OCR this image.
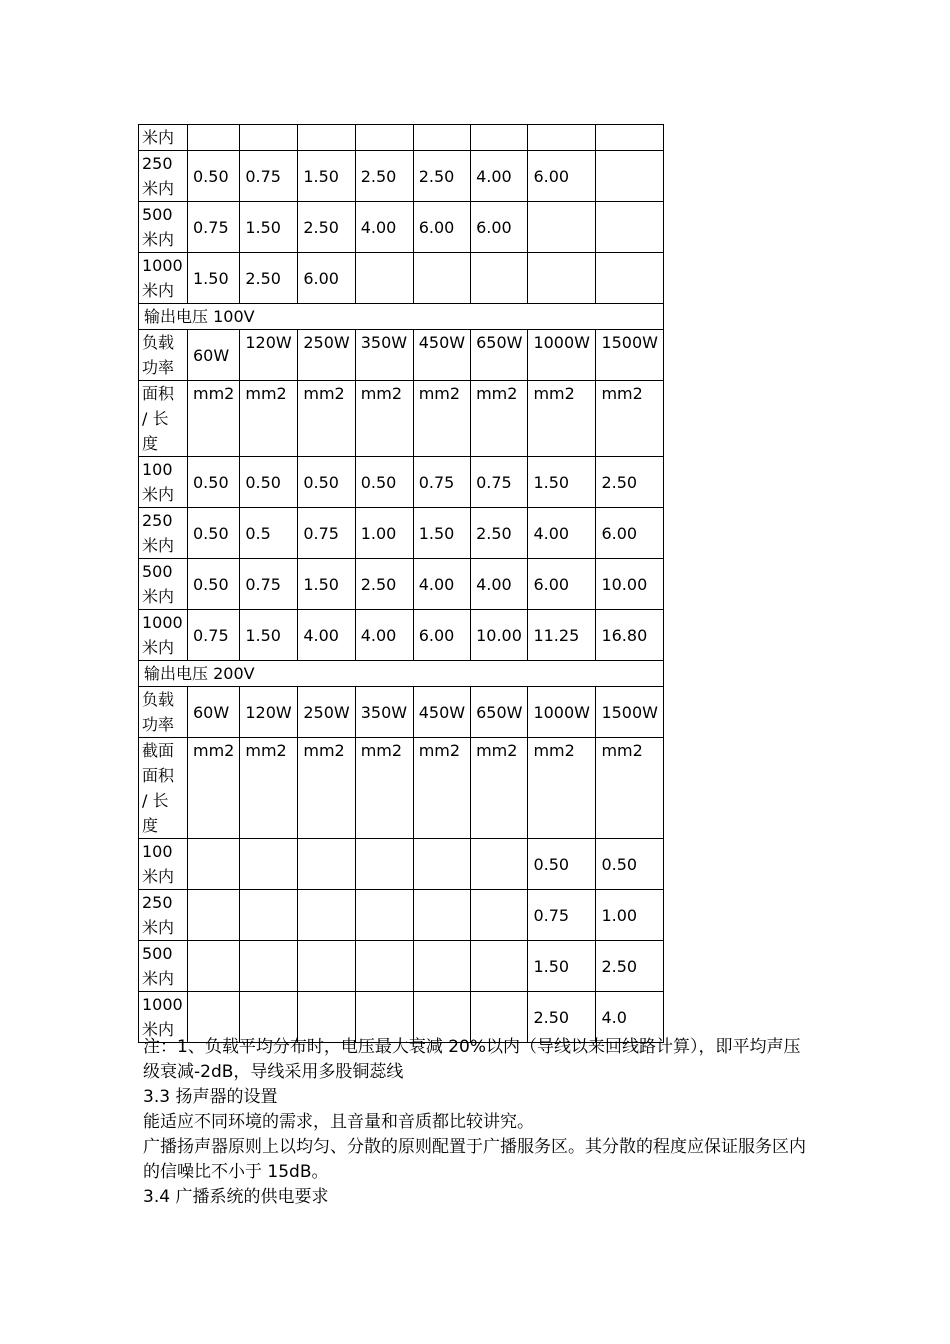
米内								
250 米内	0.50	0.75	1.50	2.50	2.50	4.00	6.00	
500 米内	0.75	1.50	2.50	4.00	6.00	6.00		
1000 米内	1.50	2.50	6.00					
输出电压 100V								
负载功率	60W	120W	250W	350W	450W	650W	1000W	1500W
面积 / 长度	mm2	mm2	mm2	mm2	mm2	mm2	mm2	mm2
100 米内	0.50	0.50	0.50	0.50	0.75	0.75	1.50	2.50
250 米内	0.50	0.5	0.75	1.00	1.50	2.50	4.00	6.00
500 米内	0.50	0.75	1.50	2.50	4.00	4.00	6.00	10.00
1000 米内	0.75	1.50	4.00	4.00	6.00	10.00	11.25	16.80
输出电压 200V								
负载功率	60W	120W	250W	350W	450W	650W	1000W	1500W
截面面积 / 长度	mm2	mm2	mm2	mm2	mm2	mm2	mm2	mm2
100 米内							0.50	0.50
250 米内							0.75	1.00
500 米内							1.50	2.50
1000 米内							2.50	4.0

注：1、负载平均分布时，电压最大衰减 20%以内（导线以来回线路计算），即平均声压级衰减-2dB，导线采用多股铜蕊线

3.3 扬声器的设置

能适应不同环境的需求，且音量和音质都比较讲究。

广播扬声器原则上以均匀、分散的原则配置于广播服务区。其分散的程度应保证服务区内的信噪比不小于 15dB。

3.4 广播系统的供电要求
